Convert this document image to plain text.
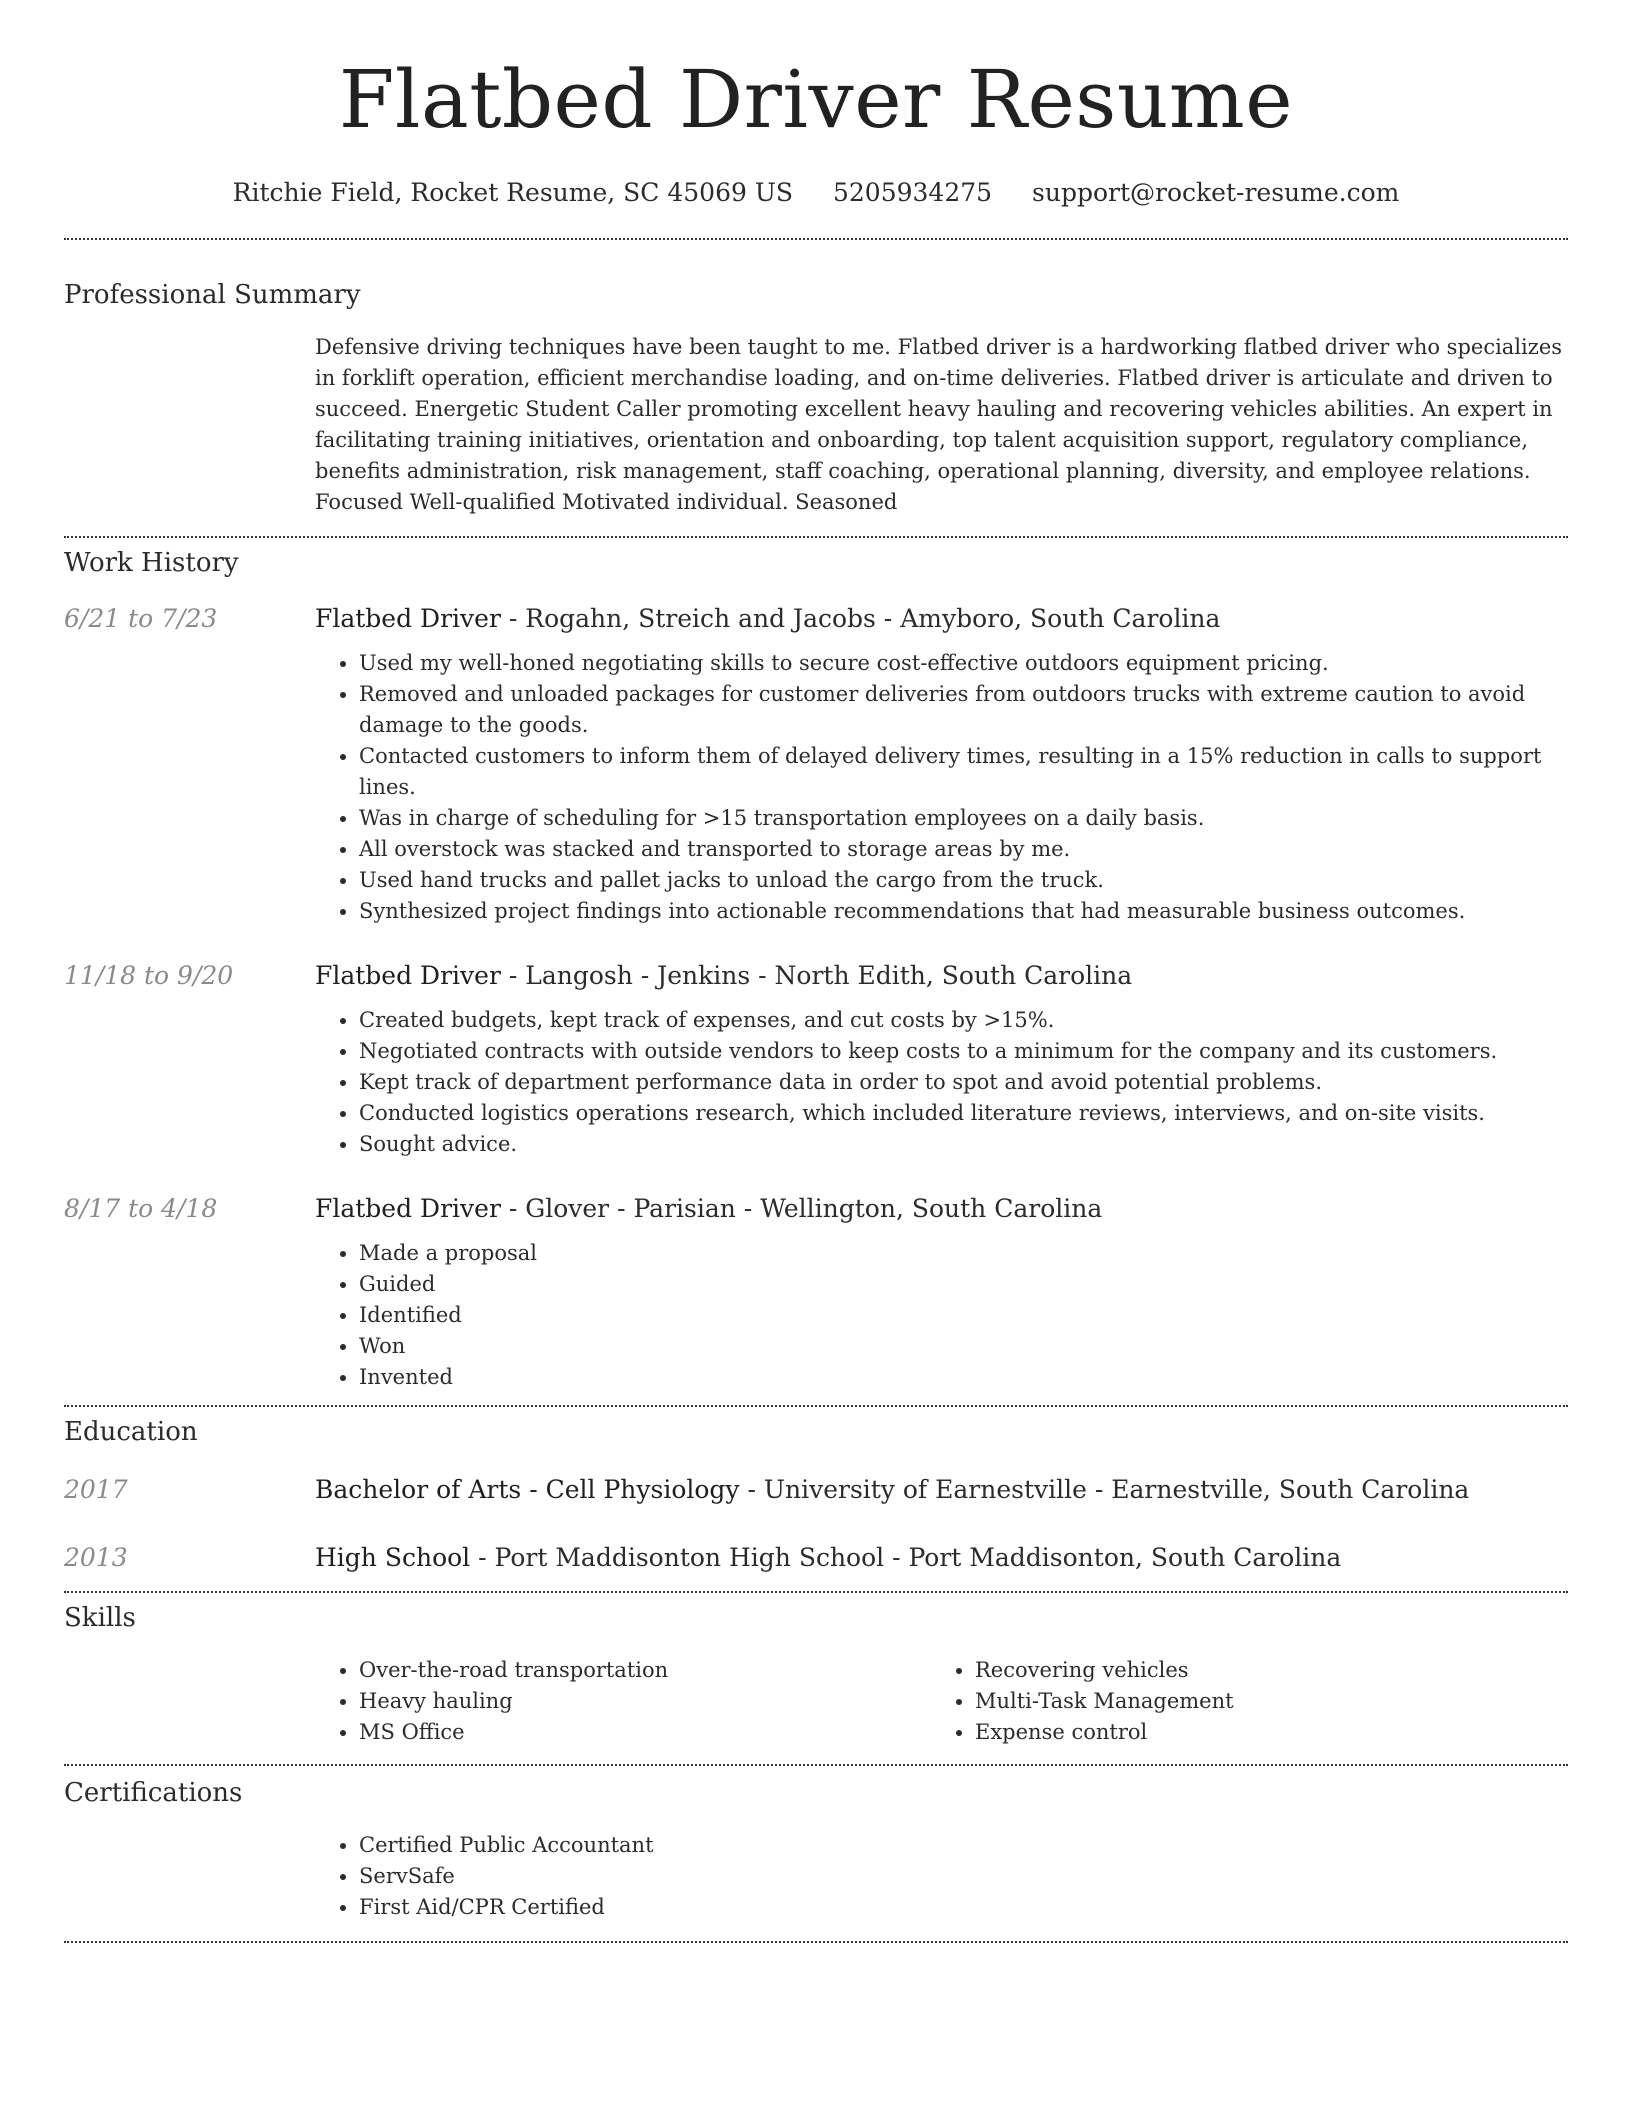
Flatbed Driver Resume
Ritchie Field, Rocket Resume, SC 45069 US 5205934275 support@rocket-resume.com
Professional Summary
Defensive driving techniques have been taught to me. Flatbed driver is a hardworking flatbed driver who specializes in forklift operation, efficient merchandise loading, and on-time deliveries. Flatbed driver is articulate and driven to succeed. Energetic Student Caller promoting excellent heavy hauling and recovering vehicles abilities. An expert in facilitating training initiatives, orientation and onboarding, top talent acquisition support, regulatory compliance, benefits administration, risk management, staff coaching, operational planning, diversity, and employee relations. Focused Well-qualified Motivated individual. Seasoned
Work History
6/21 to 7/23	Flatbed Driver - Rogahn, Streich and Jacobs - Amyboro, South Carolina
• Used my well-honed negotiating skills to secure cost-effective outdoors equipment pricing.
• Removed and unloaded packages for customer deliveries from outdoors trucks with extreme caution to avoid damage to the goods.
• Contacted customers to inform them of delayed delivery times, resulting in a 15% reduction in calls to support lines.
• Was in charge of scheduling for >15 transportation employees on a daily basis.
• All overstock was stacked and transported to storage areas by me.
• Used hand trucks and pallet jacks to unload the cargo from the truck.
• Synthesized project findings into actionable recommendations that had measurable business outcomes.
11/18 to 9/20	Flatbed Driver - Langosh - Jenkins - North Edith, South Carolina
• Created budgets, kept track of expenses, and cut costs by >15%.
• Negotiated contracts with outside vendors to keep costs to a minimum for the company and its customers.
• Kept track of department performance data in order to spot and avoid potential problems.
• Conducted logistics operations research, which included literature reviews, interviews, and on-site visits.
• Sought advice.
8/17 to 4/18	Flatbed Driver - Glover - Parisian - Wellington, South Carolina
• Made a proposal
• Guided
• Identified
• Won
• Invented
Education
2017	Bachelor of Arts - Cell Physiology - University of Earnestville - Earnestville, South Carolina
2013	High School - Port Maddisonton High School - Port Maddisonton, South Carolina
Skills
• Over-the-road transportation
• Heavy hauling
• MS Office
• Recovering vehicles
• Multi-Task Management
• Expense control
Certifications
• Certified Public Accountant
• ServSafe
• First Aid/CPR Certified
